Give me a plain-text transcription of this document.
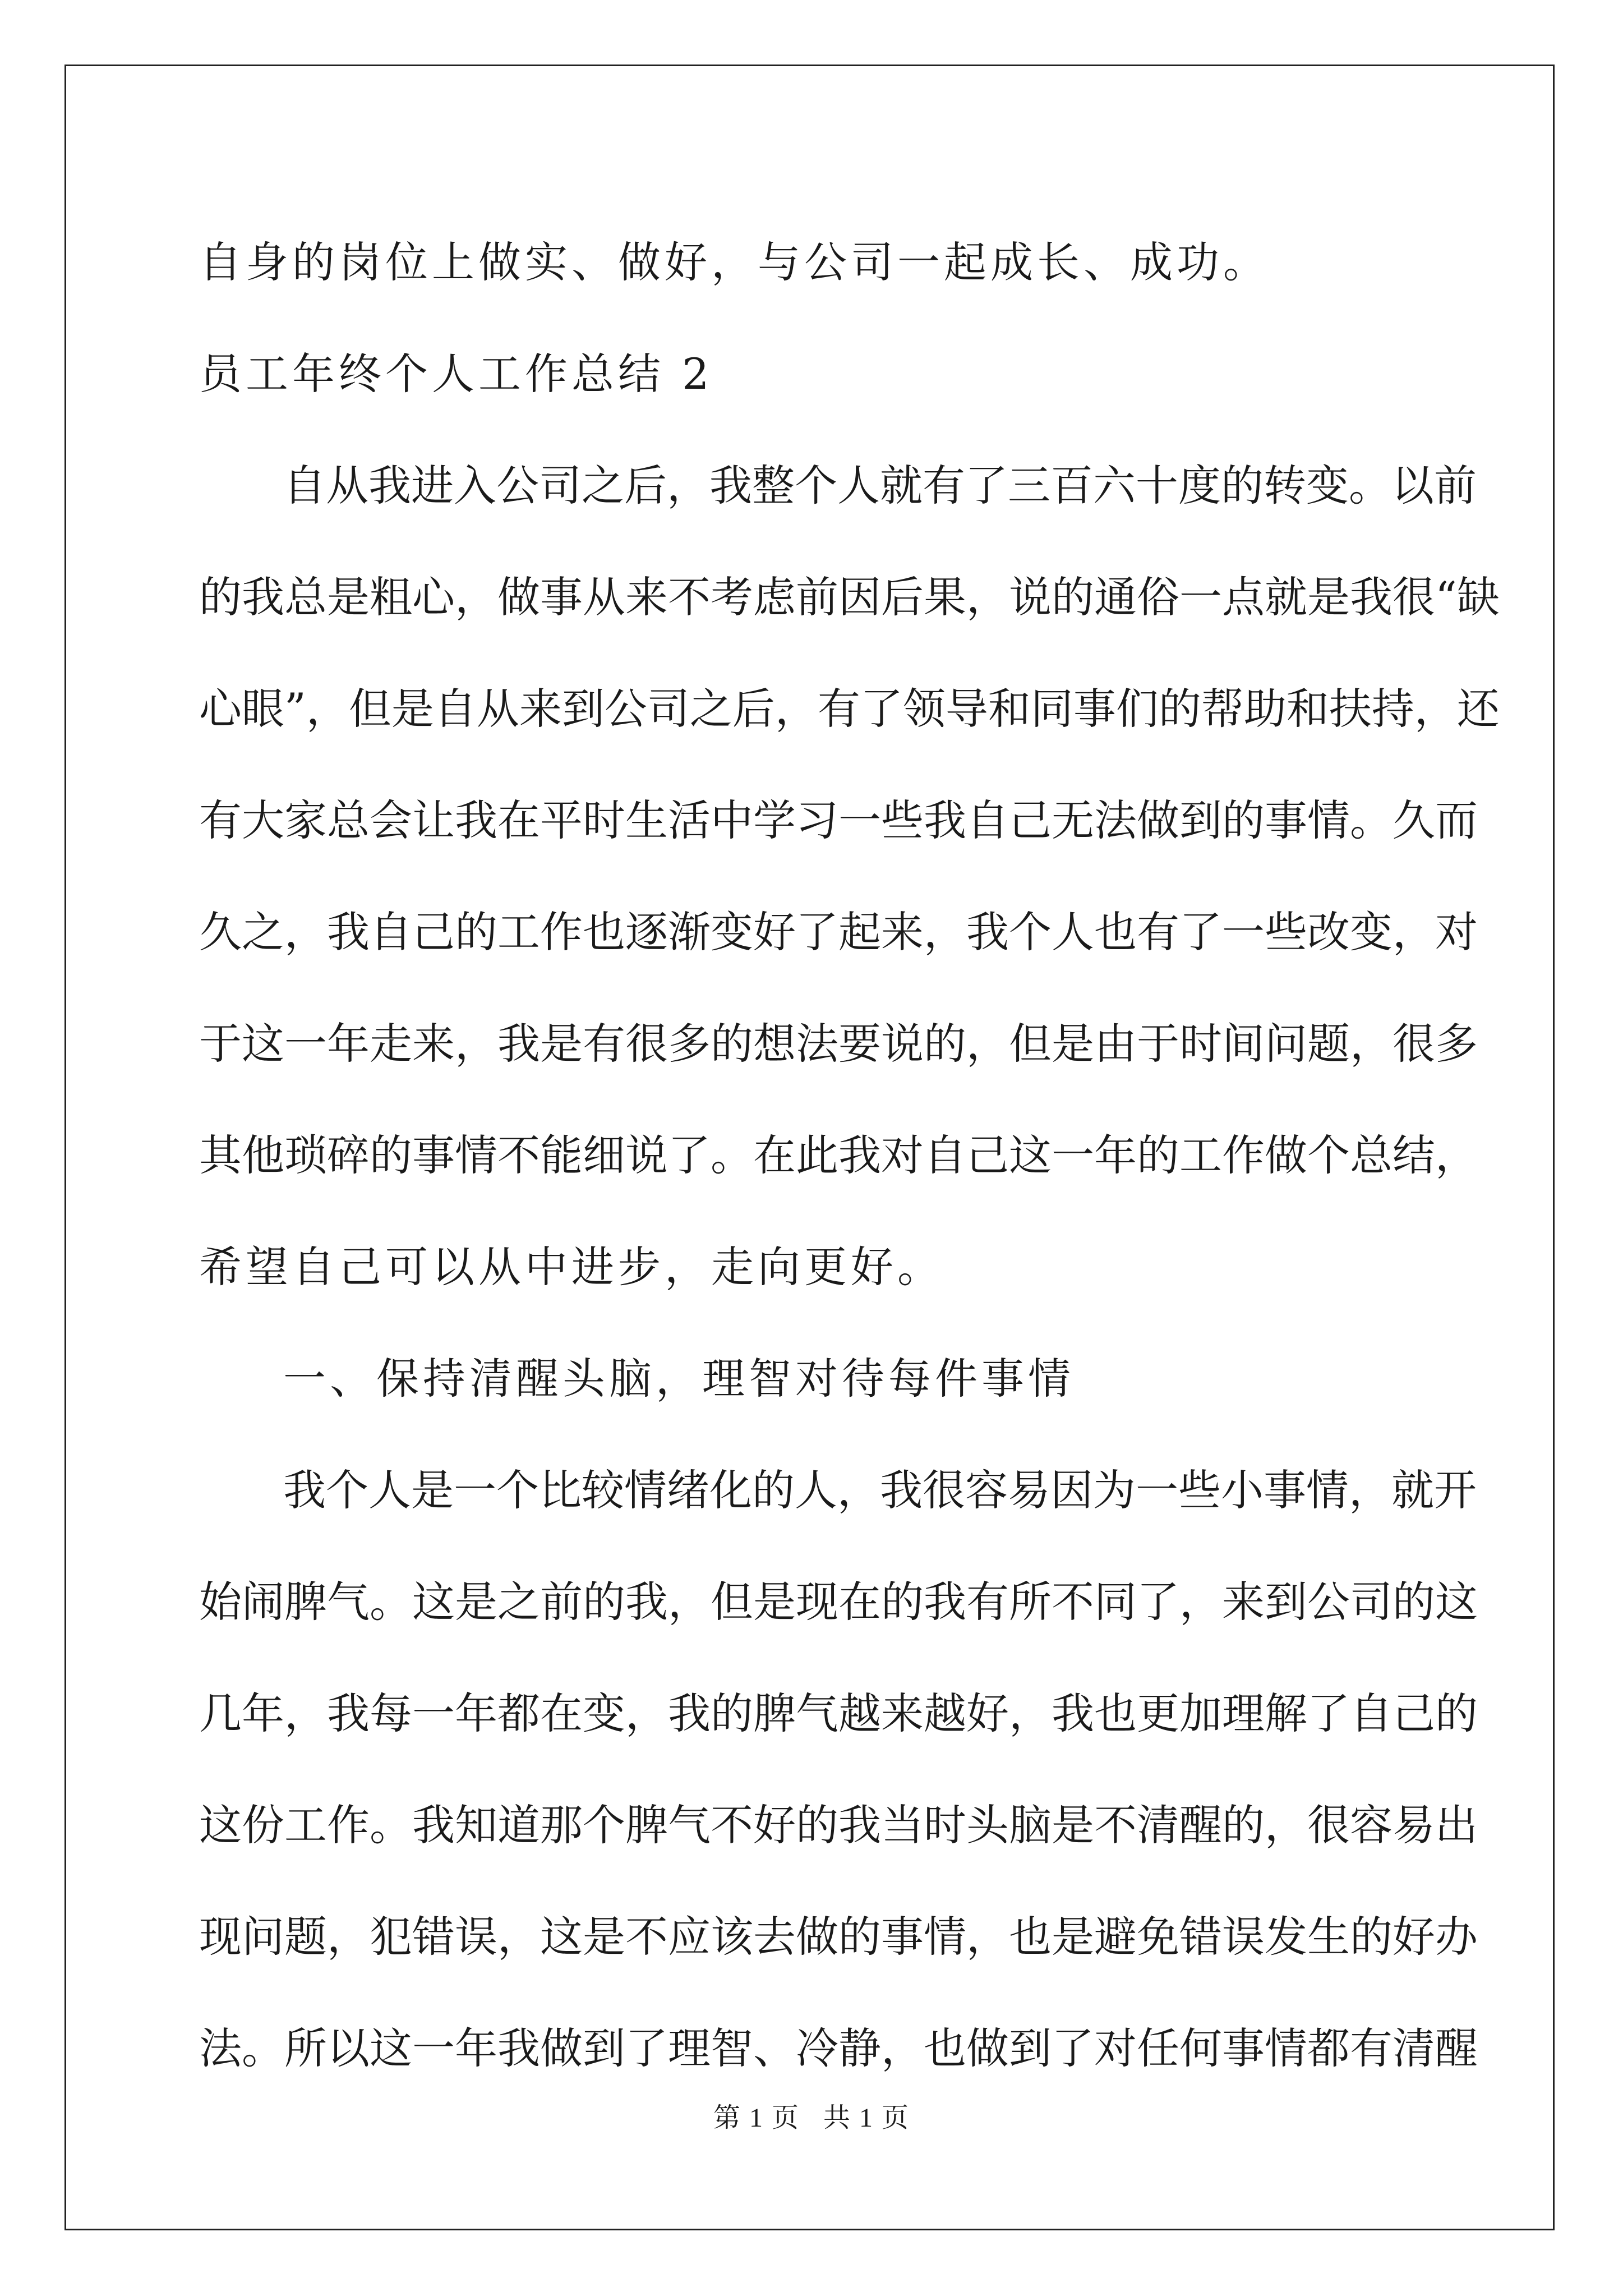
自身的岗位上做实、做好，与公司一起成长、成功。
员工年终个人工作总结 2
自从我进入公司之后，我整个人就有了三百六十度的转变。以前
的我总是粗心，做事从来不考虑前因后果，说的通俗一点就是我很“缺
心眼”，但是自从来到公司之后，有了领导和同事们的帮助和扶持，还
有大家总会让我在平时生活中学习一些我自己无法做到的事情。久而
久之，我自己的工作也逐渐变好了起来，我个人也有了一些改变，对
于这一年走来，我是有很多的想法要说的，但是由于时间问题，很多
其他琐碎的事情不能细说了。在此我对自己这一年的工作做个总结，
希望自己可以从中进步，走向更好。
一、保持清醒头脑，理智对待每件事情
我个人是一个比较情绪化的人，我很容易因为一些小事情，就开
始闹脾气。这是之前的我，但是现在的我有所不同了，来到公司的这
几年，我每一年都在变，我的脾气越来越好，我也更加理解了自己的
这份工作。我知道那个脾气不好的我当时头脑是不清醒的，很容易出
现问题，犯错误，这是不应该去做的事情，也是避免错误发生的好办
法。所以这一年我做到了理智、冷静，也做到了对任何事情都有清醒
第 1 页 共 1 页
